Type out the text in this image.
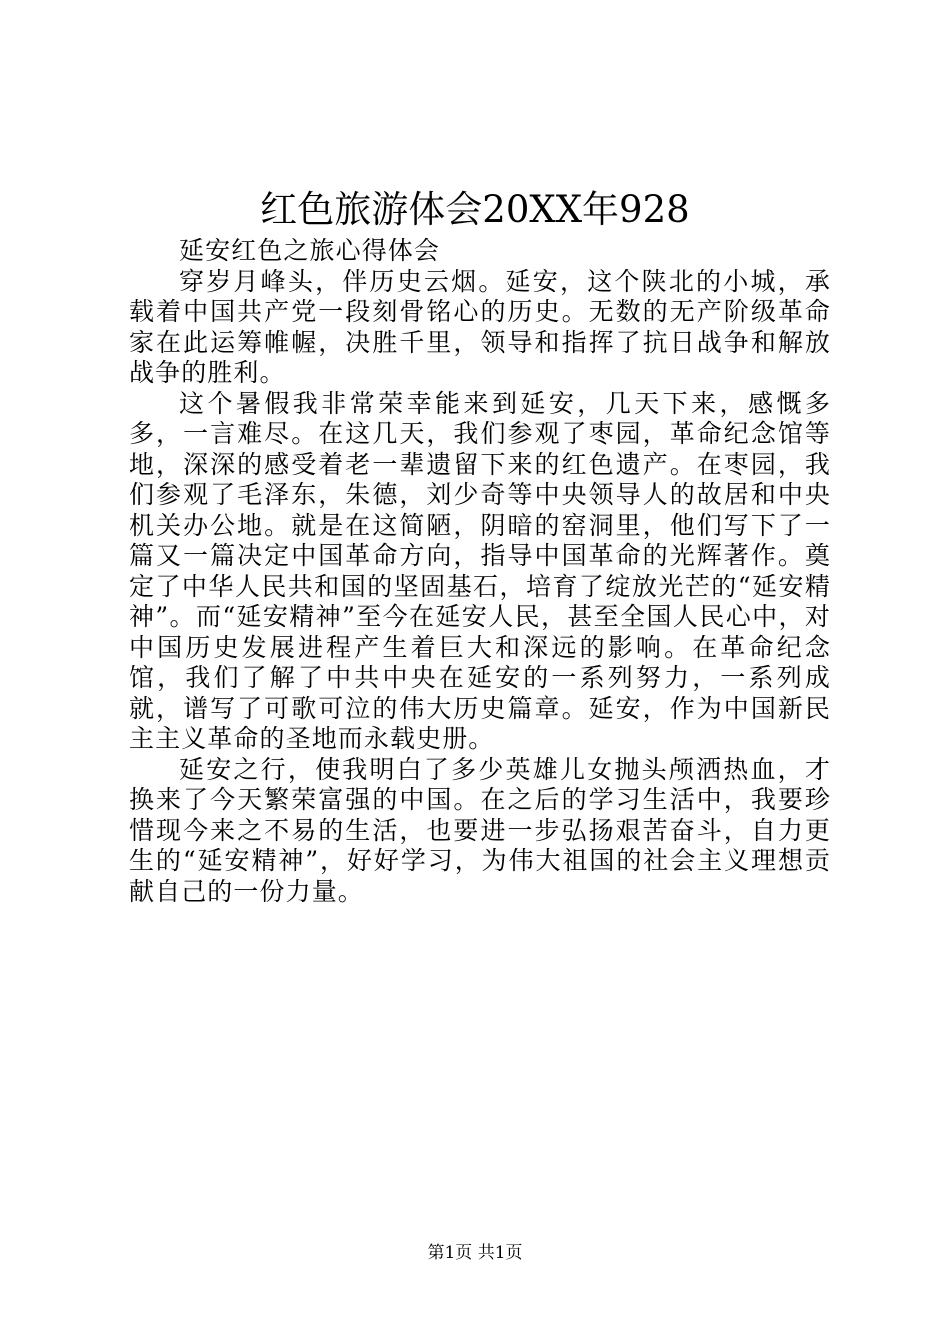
红色旅游体会20XX年928

延安红色之旅心得体会

穿岁月峰头，伴历史云烟。延安，这个陕北的小城，承载着中国共产党一段刻骨铭心的历史。无数的无产阶级革命家在此运筹帷幄，决胜千里，领导和指挥了抗日战争和解放战争的胜利。

这个暑假我非常荣幸能来到延安，几天下来，感慨多多，一言难尽。在这几天，我们参观了枣园，革命纪念馆等地，深深的感受着老一辈遗留下来的红色遗产。在枣园，我们参观了毛泽东，朱德，刘少奇等中央领导人的故居和中央机关办公地。就是在这简陋，阴暗的窑洞里，他们写下了一篇又一篇决定中国革命方向，指导中国革命的光辉著作。奠定了中华人民共和国的坚固基石，培育了绽放光芒的“延安精神”。而“延安精神”至今在延安人民，甚至全国人民心中，对中国历史发展进程产生着巨大和深远的影响。在革命纪念馆，我们了解了中共中央在延安的一系列努力，一系列成就，谱写了可歌可泣的伟大历史篇章。延安，作为中国新民主主义革命的圣地而永载史册。

延安之行，使我明白了多少英雄儿女抛头颅洒热血，才换来了今天繁荣富强的中国。在之后的学习生活中，我要珍惜现今来之不易的生活，也要进一步弘扬艰苦奋斗，自力更生的“延安精神”，好好学习，为伟大祖国的社会主义理想贡献自己的一份力量。

第1页 共1页
